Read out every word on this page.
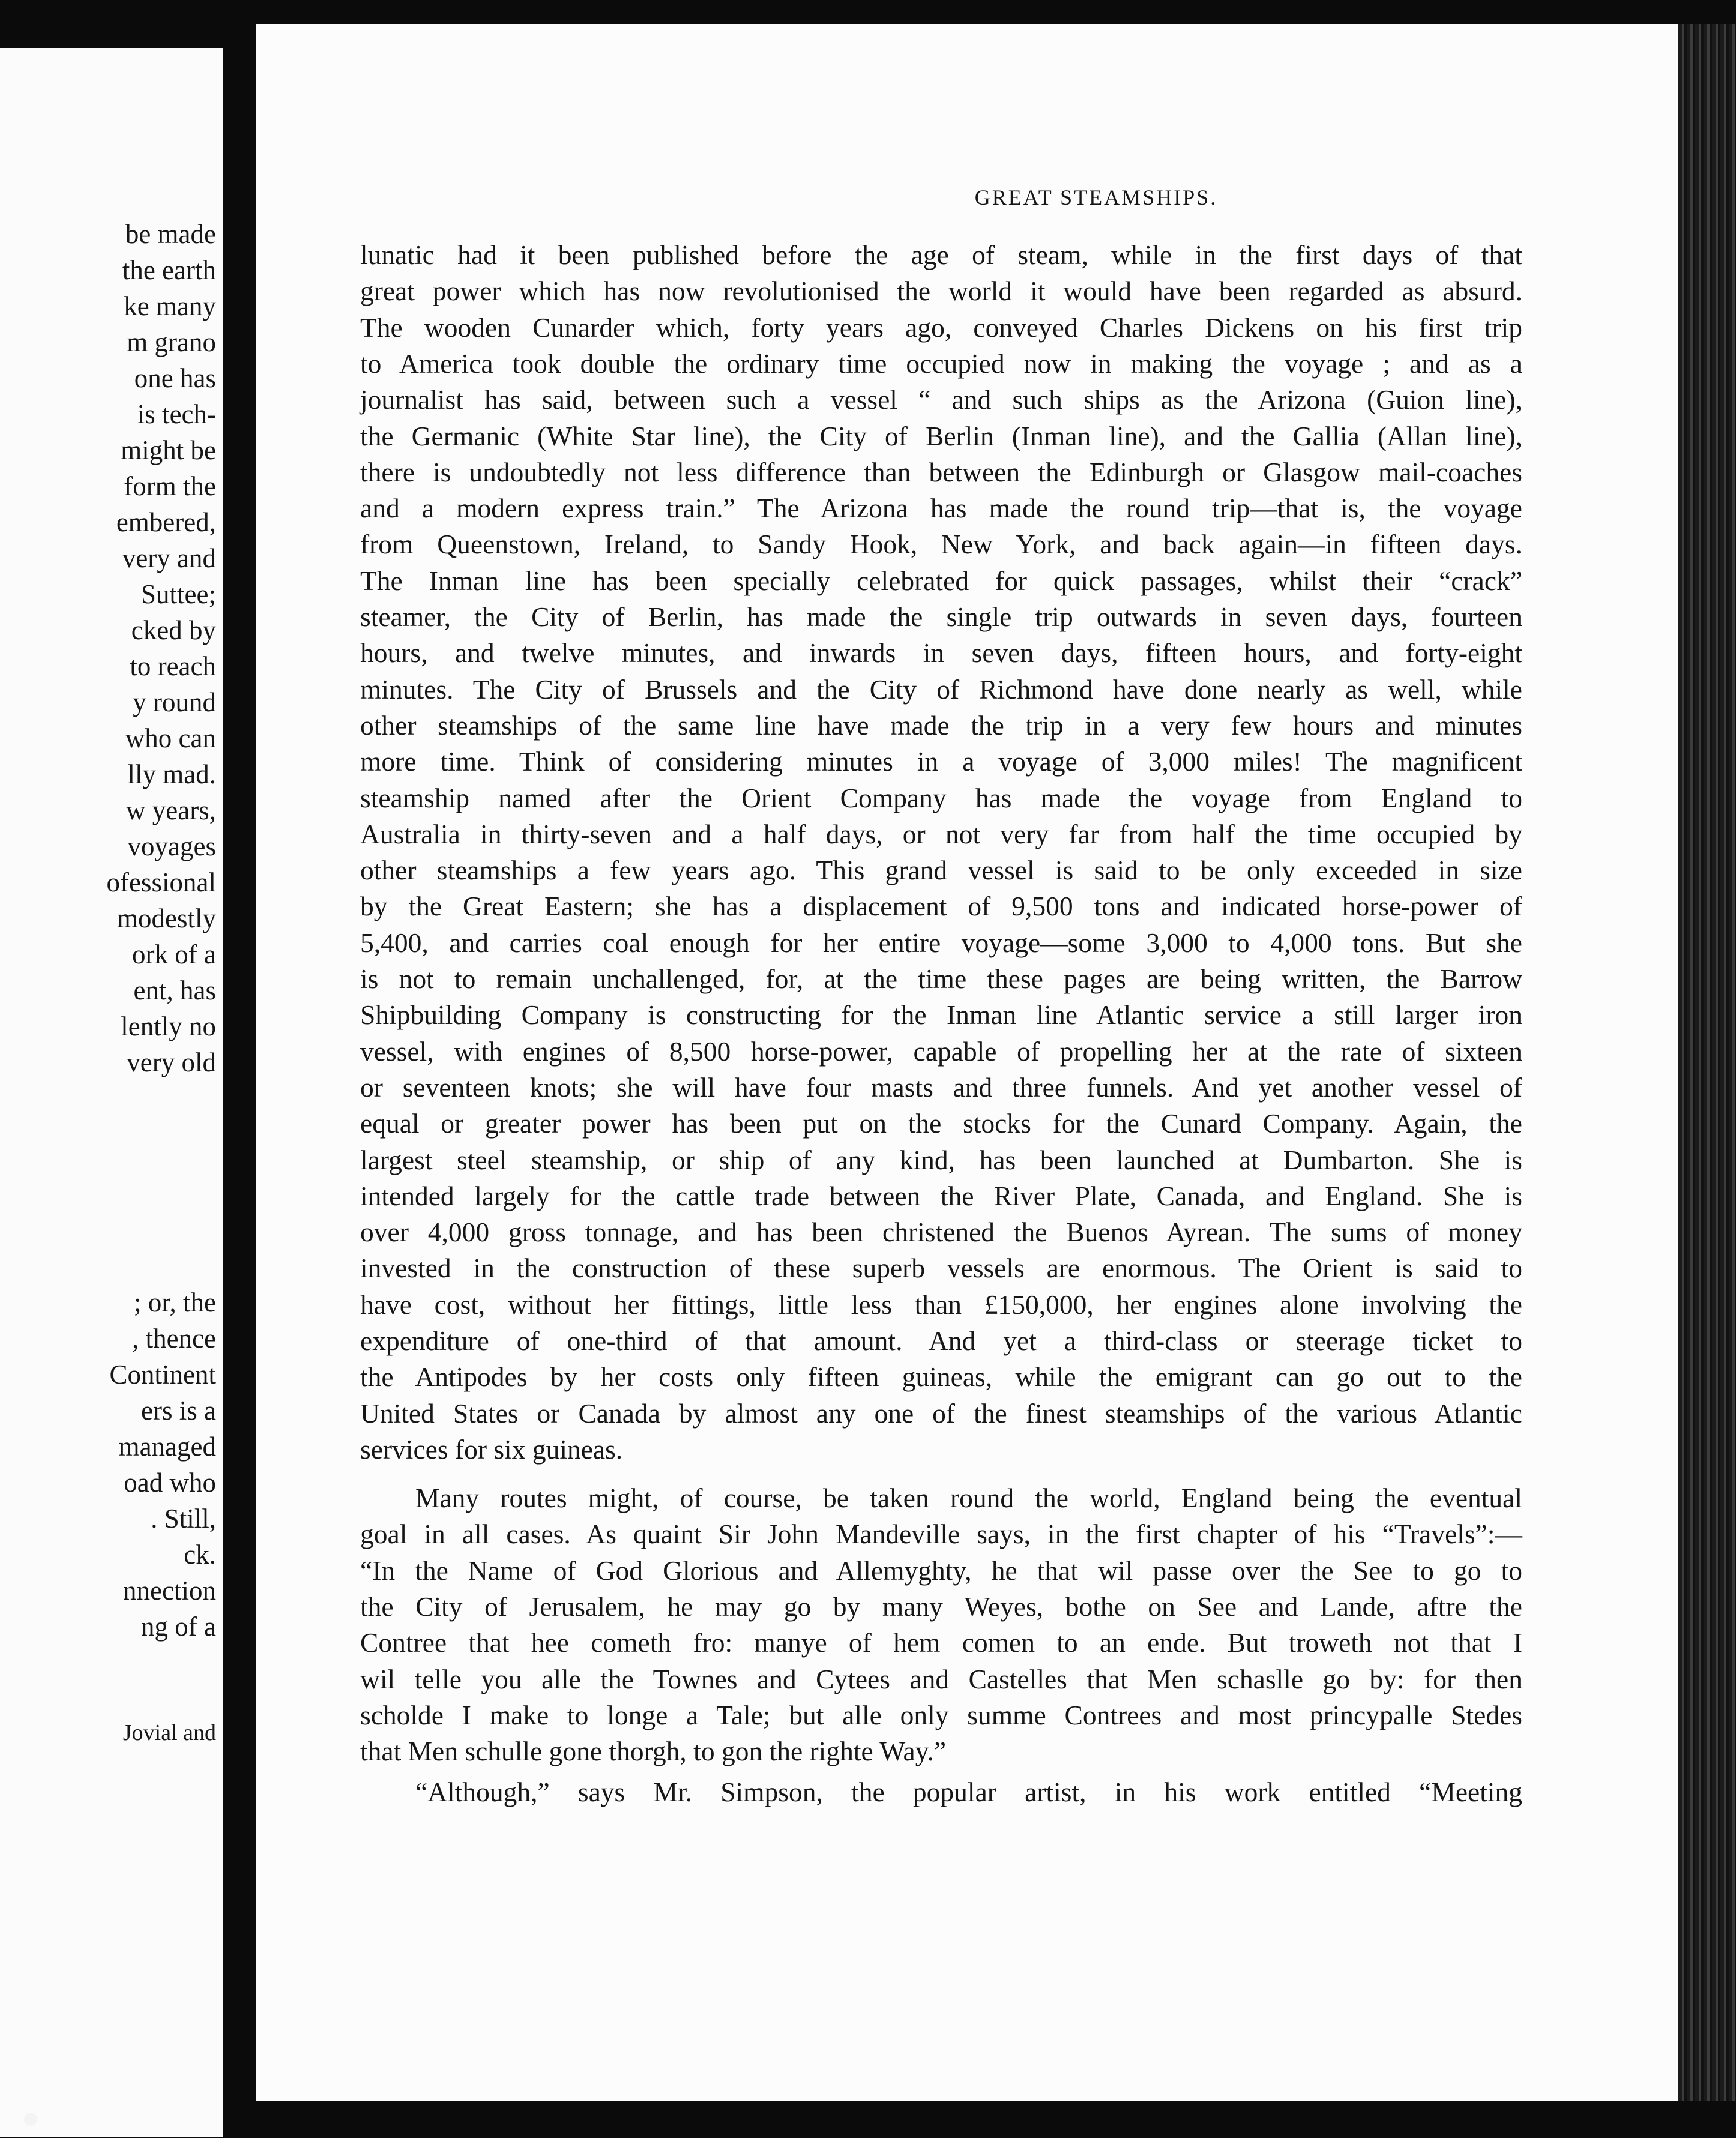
be made
the earth
ke many
m grano
one has
is tech-
might be
form the
embered,
very and
Suttee;
cked by
to reach
y round
who can
lly mad.
w years,
voyages
ofessional
modestly
ork of a
ent, has
lently no
very old
; or, the
, thence
Continent
ers is a
managed
oad who
. Still,
ck.
nnection
ng of a
Jovial and
GREAT STEAMSHIPS.
lunatic had it been published before the age of steam, while in the first days of that
great power which has now revolutionised the world it would have been regarded as absurd.
The wooden Cunarder which, forty years ago, conveyed Charles Dickens on his first trip
to America took double the ordinary time occupied now in making the voyage ; and as a
journalist has said, between such a vessel “ and such ships as the Arizona (Guion line),
the Germanic (White Star line), the City of Berlin (Inman line), and the Gallia (Allan line),
there is undoubtedly not less difference than between the Edinburgh or Glasgow mail-coaches
and a modern express train.” The Arizona has made the round trip—that is, the voyage
from Queenstown, Ireland, to Sandy Hook, New York, and back again—in fifteen days.
The Inman line has been specially celebrated for quick passages, whilst their “crack”
steamer, the City of Berlin, has made the single trip outwards in seven days, fourteen
hours, and twelve minutes, and inwards in seven days, fifteen hours, and forty-eight
minutes. The City of Brussels and the City of Richmond have done nearly as well, while
other steamships of the same line have made the trip in a very few hours and minutes
more time. Think of considering minutes in a voyage of 3,000 miles! The magnificent
steamship named after the Orient Company has made the voyage from England to
Australia in thirty-seven and a half days, or not very far from half the time occupied by
other steamships a few years ago. This grand vessel is said to be only exceeded in size
by the Great Eastern; she has a displacement of 9,500 tons and indicated horse-power of
5,400, and carries coal enough for her entire voyage—some 3,000 to 4,000 tons. But she
is not to remain unchallenged, for, at the time these pages are being written, the Barrow
Shipbuilding Company is constructing for the Inman line Atlantic service a still larger iron
vessel, with engines of 8,500 horse-power, capable of propelling her at the rate of sixteen
or seventeen knots; she will have four masts and three funnels. And yet another vessel of
equal or greater power has been put on the stocks for the Cunard Company. Again, the
largest steel steamship, or ship of any kind, has been launched at Dumbarton. She is
intended largely for the cattle trade between the River Plate, Canada, and England. She is
over 4,000 gross tonnage, and has been christened the Buenos Ayrean. The sums of money
invested in the construction of these superb vessels are enormous. The Orient is said to
have cost, without her fittings, little less than £150,000, her engines alone involving the
expenditure of one-third of that amount. And yet a third-class or steerage ticket to
the Antipodes by her costs only fifteen guineas, while the emigrant can go out to the
United States or Canada by almost any one of the finest steamships of the various Atlantic
services for six guineas.
Many routes might, of course, be taken round the world, England being the eventual
goal in all cases. As quaint Sir John Mandeville says, in the first chapter of his “Travels”:—
“In the Name of God Glorious and Allemyghty, he that wil passe over the See to go to
the City of Jerusalem, he may go by many Weyes, bothe on See and Lande, aftre the
Contree that hee cometh fro: manye of hem comen to an ende. But troweth not that I
wil telle you alle the Townes and Cytees and Castelles that Men schaslle go by: for then
scholde I make to longe a Tale; but alle only summe Contrees and most princypalle Stedes
that Men schulle gone thorgh, to gon the righte Way.”
“Although,” says Mr. Simpson, the popular artist, in his work entitled “Meeting
